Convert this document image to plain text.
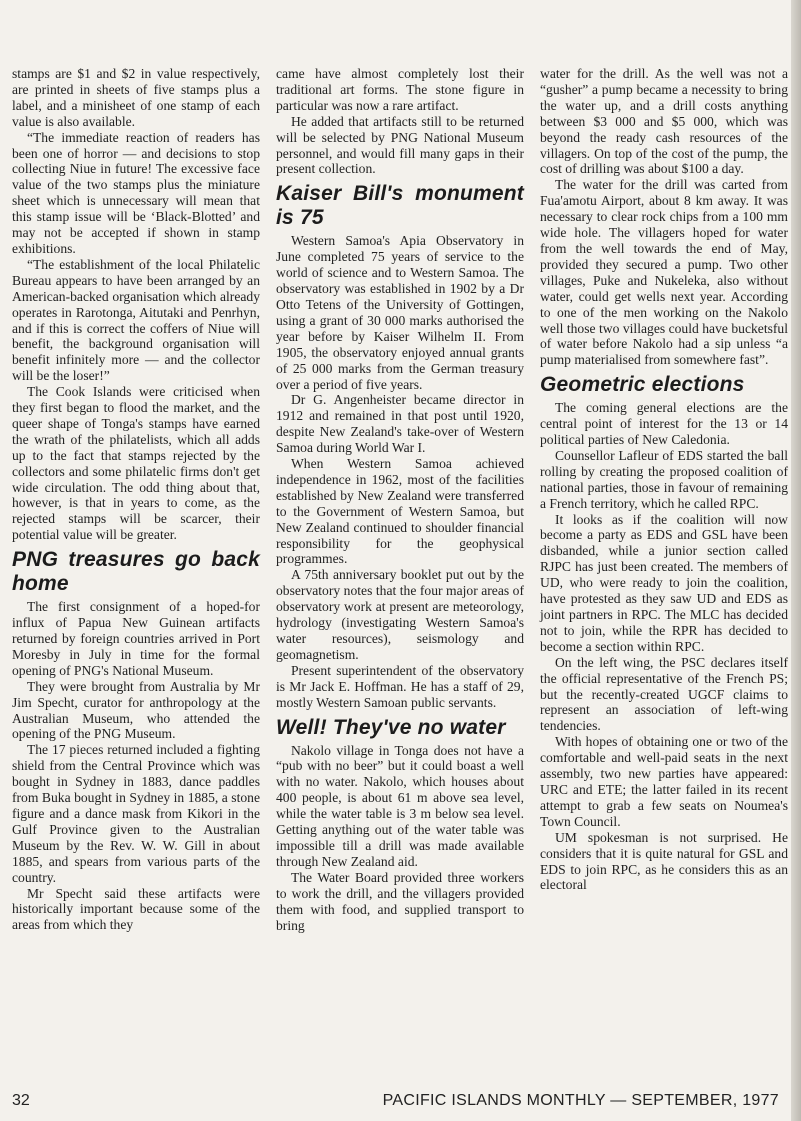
stamps are $1 and $2 in value respectively, are printed in sheets of five stamps plus a label, and a minisheet of one stamp of each value is also available.

“The immediate reaction of readers has been one of horror — and decisions to stop collecting Niue in future! The excessive face value of the two stamps plus the miniature sheet which is unnecessary will mean that this stamp issue will be ‘Black-Blotted’ and may not be accepted if shown in stamp exhibitions.

“The establishment of the local Philatelic Bureau appears to have been arranged by an American-backed organisation which already operates in Rarotonga, Aitutaki and Penrhyn, and if this is correct the coffers of Niue will benefit, the background organisation will benefit infinitely more — and the collector will be the loser!”

The Cook Islands were criticised when they first began to flood the market, and the queer shape of Tonga's stamps have earned the wrath of the philatelists, which all adds up to the fact that stamps rejected by the collectors and some philatelic firms don't get wide circulation. The odd thing about that, however, is that in years to come, as the rejected stamps will be scarcer, their potential value will be greater.

PNG treasures go back home

The first consignment of a hoped-for influx of Papua New Guinean artifacts returned by foreign countries arrived in Port Moresby in July in time for the formal opening of PNG's National Museum.

They were brought from Australia by Mr Jim Specht, curator for anthropology at the Australian Museum, who attended the opening of the PNG Museum.

The 17 pieces returned included a fighting shield from the Central Province which was bought in Sydney in 1883, dance paddles from Buka bought in Sydney in 1885, a stone figure and a dance mask from Kikori in the Gulf Province given to the Australian Museum by the Rev. W. W. Gill in about 1885, and spears from various parts of the country.

Mr Specht said these artifacts were historically important because some of the areas from which they

came have almost completely lost their traditional art forms. The stone figure in particular was now a rare artifact.

He added that artifacts still to be returned will be selected by PNG National Museum personnel, and would fill many gaps in their present collection.

Kaiser Bill's monument is 75

Western Samoa's Apia Observatory in June completed 75 years of service to the world of science and to Western Samoa. The observatory was established in 1902 by a Dr Otto Tetens of the University of Gottingen, using a grant of 30 000 marks authorised the year before by Kaiser Wilhelm II. From 1905, the observatory enjoyed annual grants of 25 000 marks from the German treasury over a period of five years.

Dr G. Angenheister became director in 1912 and remained in that post until 1920, despite New Zealand's take-over of Western Samoa during World War I.

When Western Samoa achieved independence in 1962, most of the facilities established by New Zealand were transferred to the Government of Western Samoa, but New Zealand continued to shoulder financial responsibility for the geophysical programmes.

A 75th anniversary booklet put out by the observatory notes that the four major areas of observatory work at present are meteorology, hydrology (investigating Western Samoa's water resources), seismology and geomagnetism.

Present superintendent of the observatory is Mr Jack E. Hoffman. He has a staff of 29, mostly Western Samoan public servants.

Well! They've no water

Nakolo village in Tonga does not have a “pub with no beer” but it could boast a well with no water. Nakolo, which houses about 400 people, is about 61 m above sea level, while the water table is 3 m below sea level. Getting anything out of the water table was impossible till a drill was made available through New Zealand aid.

The Water Board provided three workers to work the drill, and the villagers provided them with food, and supplied transport to bring

water for the drill. As the well was not a “gusher” a pump became a necessity to bring the water up, and a drill costs anything between $3 000 and $5 000, which was beyond the ready cash resources of the villagers. On top of the cost of the pump, the cost of drilling was about $100 a day.

The water for the drill was carted from Fua'amotu Airport, about 8 km away. It was necessary to clear rock chips from a 100 mm wide hole. The villagers hoped for water from the well towards the end of May, provided they secured a pump. Two other villages, Puke and Nukeleka, also without water, could get wells next year. According to one of the men working on the Nakolo well those two villages could have bucketsful of water before Nakolo had a sip unless “a pump materialised from somewhere fast”.

Geometric elections

The coming general elections are the central point of interest for the 13 or 14 political parties of New Caledonia.

Counsellor Lafleur of EDS started the ball rolling by creating the proposed coalition of national parties, those in favour of remaining a French territory, which he called RPC.

It looks as if the coalition will now become a party as EDS and GSL have been disbanded, while a junior section called RJPC has just been created. The members of UD, who were ready to join the coalition, have protested as they saw UD and EDS as joint partners in RPC. The MLC has decided not to join, while the RPR has decided to become a section within RPC.

On the left wing, the PSC declares itself the official representative of the French PS; but the recently-created UGCF claims to represent an association of left-wing tendencies.

With hopes of obtaining one or two of the comfortable and well-paid seats in the next assembly, two new parties have appeared: URC and ETE; the latter failed in its recent attempt to grab a few seats on Noumea's Town Council.

UM spokesman is not surprised. He considers that it is quite natural for GSL and EDS to join RPC, as he considers this as an electoral

32	PACIFIC ISLANDS MONTHLY — SEPTEMBER, 1977
